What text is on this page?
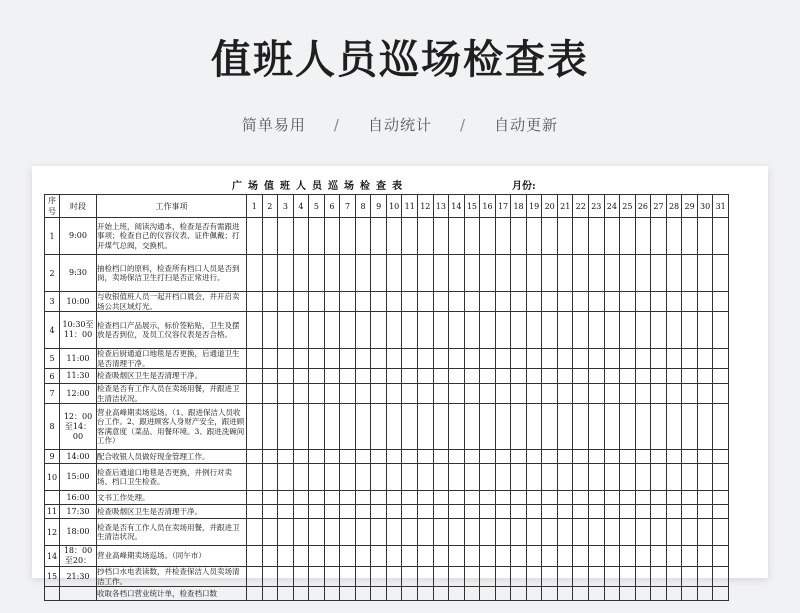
值班人员巡场检查表
简单易用 / 自动统计 / 自动更新
广场值班人员巡场检查表	月份:
序号	时段	工作事项	1	2	3	4	5	6	7	8	9	10	11	12	13	14	15	16	17	18	19	20	21	22	23	24	25	26	27	28	29	30	31
1	9:00	开始上班，阅读沟通本，检查是否有需跟进事项；检查自己的仪容仪表、证件佩戴；打开煤气总阀，交换机。																															
2	9:30	抽检档口的原料，检查所有档口人员是否到岗，卖场保洁卫生打扫是否正常进行。																															
3	10:00	与收银值班人员一起开档口晨会，并开启卖场公共区域灯光。																															
4	10:30至11：00	检查档口产品展示，标价签粘贴，卫生及摆放是否到位，及员工仪容仪表是否合格。																															
5	11:00	检查后厨通道口地毯是否更换，后通道卫生是否清理干净。																															
6	11:30	检查吸烟区卫生是否清理干净。																															
7	12:00	检查是否有工作人员在卖场用餐，并跟进卫生清洁状况。																															
8	12：00至14：00	营业高峰期卖场巡场。（1、跟进保洁人员收台工作。2、跟进顾客人身财产安全，跟进顾客满意度（菜品、用餐环境。3、跟进洗碗间工作）																															
9	14:00	配合收银人员做好现金管理工作。																															
10	15:00	检查后通道口地毯是否更换，并例行对卖场、档口卫生检查。																															
	16:00	文书工作处理。																															
11	17:30	检查吸烟区卫生是否清理干净。																															
12	18:00	检查是否有工作人员在卖场用餐，并跟进卫生清洁状况。																															
14	18：00至20：	营业高峰期卖场巡场。（同午市）																															
15	21:30	抄档口水电表读数，并检查保洁人员卖场清洁工作。																															
		收取各档口营业统计单，检查档口数																															
